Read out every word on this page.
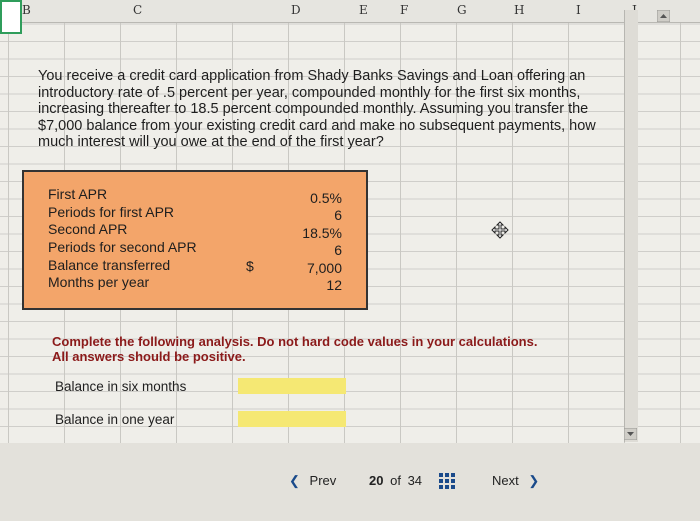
B	C	D	E	F	G	H	I
You receive a credit card application from Shady Banks Savings and Loan offering an introductory rate of .5 percent per year, compounded monthly for the first six months, increasing thereafter to 18.5 percent compounded monthly. Assuming you transfer the $7,000 balance from your existing credit card and make no subsequent payments, how much interest will you owe at the end of the first year?
First APR	0.5%
Periods for first APR	6
Second APR	18.5%
Periods for second APR	6
Balance transferred	$	7,000
Months per year	12
Complete the following analysis. Do not hard code values in your calculations.
All answers should be positive.
Balance in six months
Balance in one year
❮ Prev	20 of 34	Next ❯
